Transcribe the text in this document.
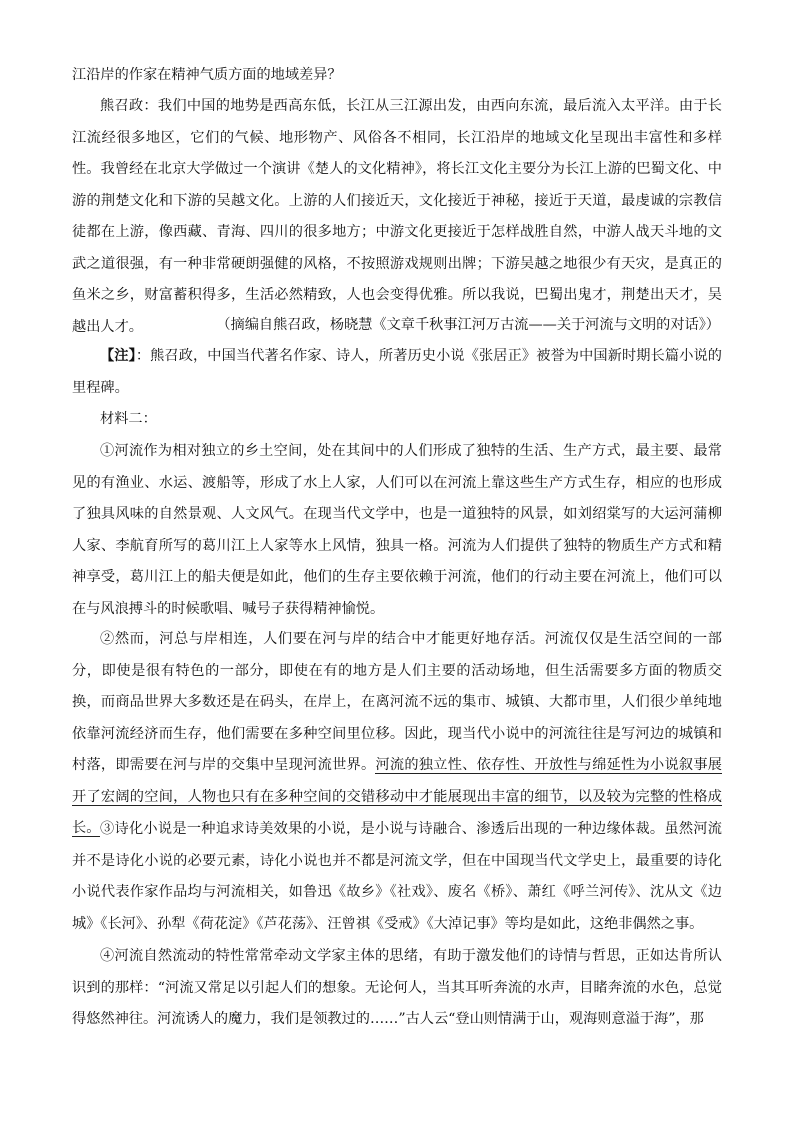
江沿岸的作家在精神气质方面的地域差异？
熊召政：我们中国的地势是西高东低，长江从三江源出发，由西向东流，最后流入太平洋。由于长江流经很多地区，它们的气候、地形物产、风俗各不相同，长江沿岸的地域文化呈现出丰富性和多样性。我曾经在北京大学做过一个演讲《楚人的文化精神》，将长江文化主要分为长江上游的巴蜀文化、中游的荆楚文化和下游的吴越文化。上游的人们接近天，文化接近于神秘，接近于天道，最虔诚的宗教信徒都在上游，像西藏、青海、四川的很多地方；中游文化更接近于怎样战胜自然，中游人战天斗地的文武之道很强，有一种非常硬朗强健的风格，不按照游戏规则出牌；下游吴越之地很少有天灾，是真正的鱼米之乡，财富蓄积得多，生活必然精致，人也会变得优雅。所以我说，巴蜀出鬼才，荆楚出天才，吴越出人才。	（摘编自熊召政，杨晓慧《文章千秋事江河万古流——关于河流与文明的对话》）
【注】：熊召政，中国当代著名作家、诗人，所著历史小说《张居正》被誉为中国新时期长篇小说的里程碑。
材料二：
①河流作为相对独立的乡土空间，处在其间中的人们形成了独特的生活、生产方式，最主要、最常见的有渔业、水运、渡船等，形成了水上人家，人们可以在河流上靠这些生产方式生存，相应的也形成了独具风味的自然景观、人文风气。在现当代文学中，也是一道独特的风景，如刘绍棠写的大运河蒲柳人家、李航育所写的葛川江上人家等水上风情，独具一格。河流为人们提供了独特的物质生产方式和精神享受，葛川江上的船夫便是如此，他们的生存主要依赖于河流，他们的行动主要在河流上，他们可以在与风浪搏斗的时候歌唱、喊号子获得精神愉悦。
②然而，河总与岸相连，人们要在河与岸的结合中才能更好地存活。河流仅仅是生活空间的一部分，即使是很有特色的一部分，即使在有的地方是人们主要的活动场地，但生活需要多方面的物质交换，而商品世界大多数还是在码头，在岸上，在离河流不远的集市、城镇、大都市里，人们很少单纯地依靠河流经济而生存，他们需要在多种空间里位移。因此，现当代小说中的河流往往是写河边的城镇和村落，即需要在河与岸的交集中呈现河流世界。河流的独立性、依存性、开放性与绵延性为小说叙事展开了宏阔的空间，人物也只有在多种空间的交错移动中才能展现出丰富的细节，以及较为完整的性格成长。 ③诗化小说是一种追求诗美效果的小说，是小说与诗融合、渗透后出现的一种边缘体裁。虽然河流并不是诗化小说的必要元素，诗化小说也并不都是河流文学，但在中国现当代文学史上，最重要的诗化小说代表作家作品均与河流相关，如鲁迅《故乡》《社戏》、废名《桥》、萧红《呼兰河传》、沈从文《边城》《长河》、孙犁《荷花淀》《芦花荡》、汪曾祺《受戒》《大淖记事》等均是如此，这绝非偶然之事。
④河流自然流动的特性常常牵动文学家主体的思绪，有助于激发他们的诗情与哲思，正如达肯所认识到的那样：“河流又常足以引起人们的想象。无论何人，当其耳听奔流的水声，目睹奔流的水色，总觉得悠然神往。河流诱人的魔力，我们是领教过的……”古人云“登山则情满于山，观海则意溢于海”，那
